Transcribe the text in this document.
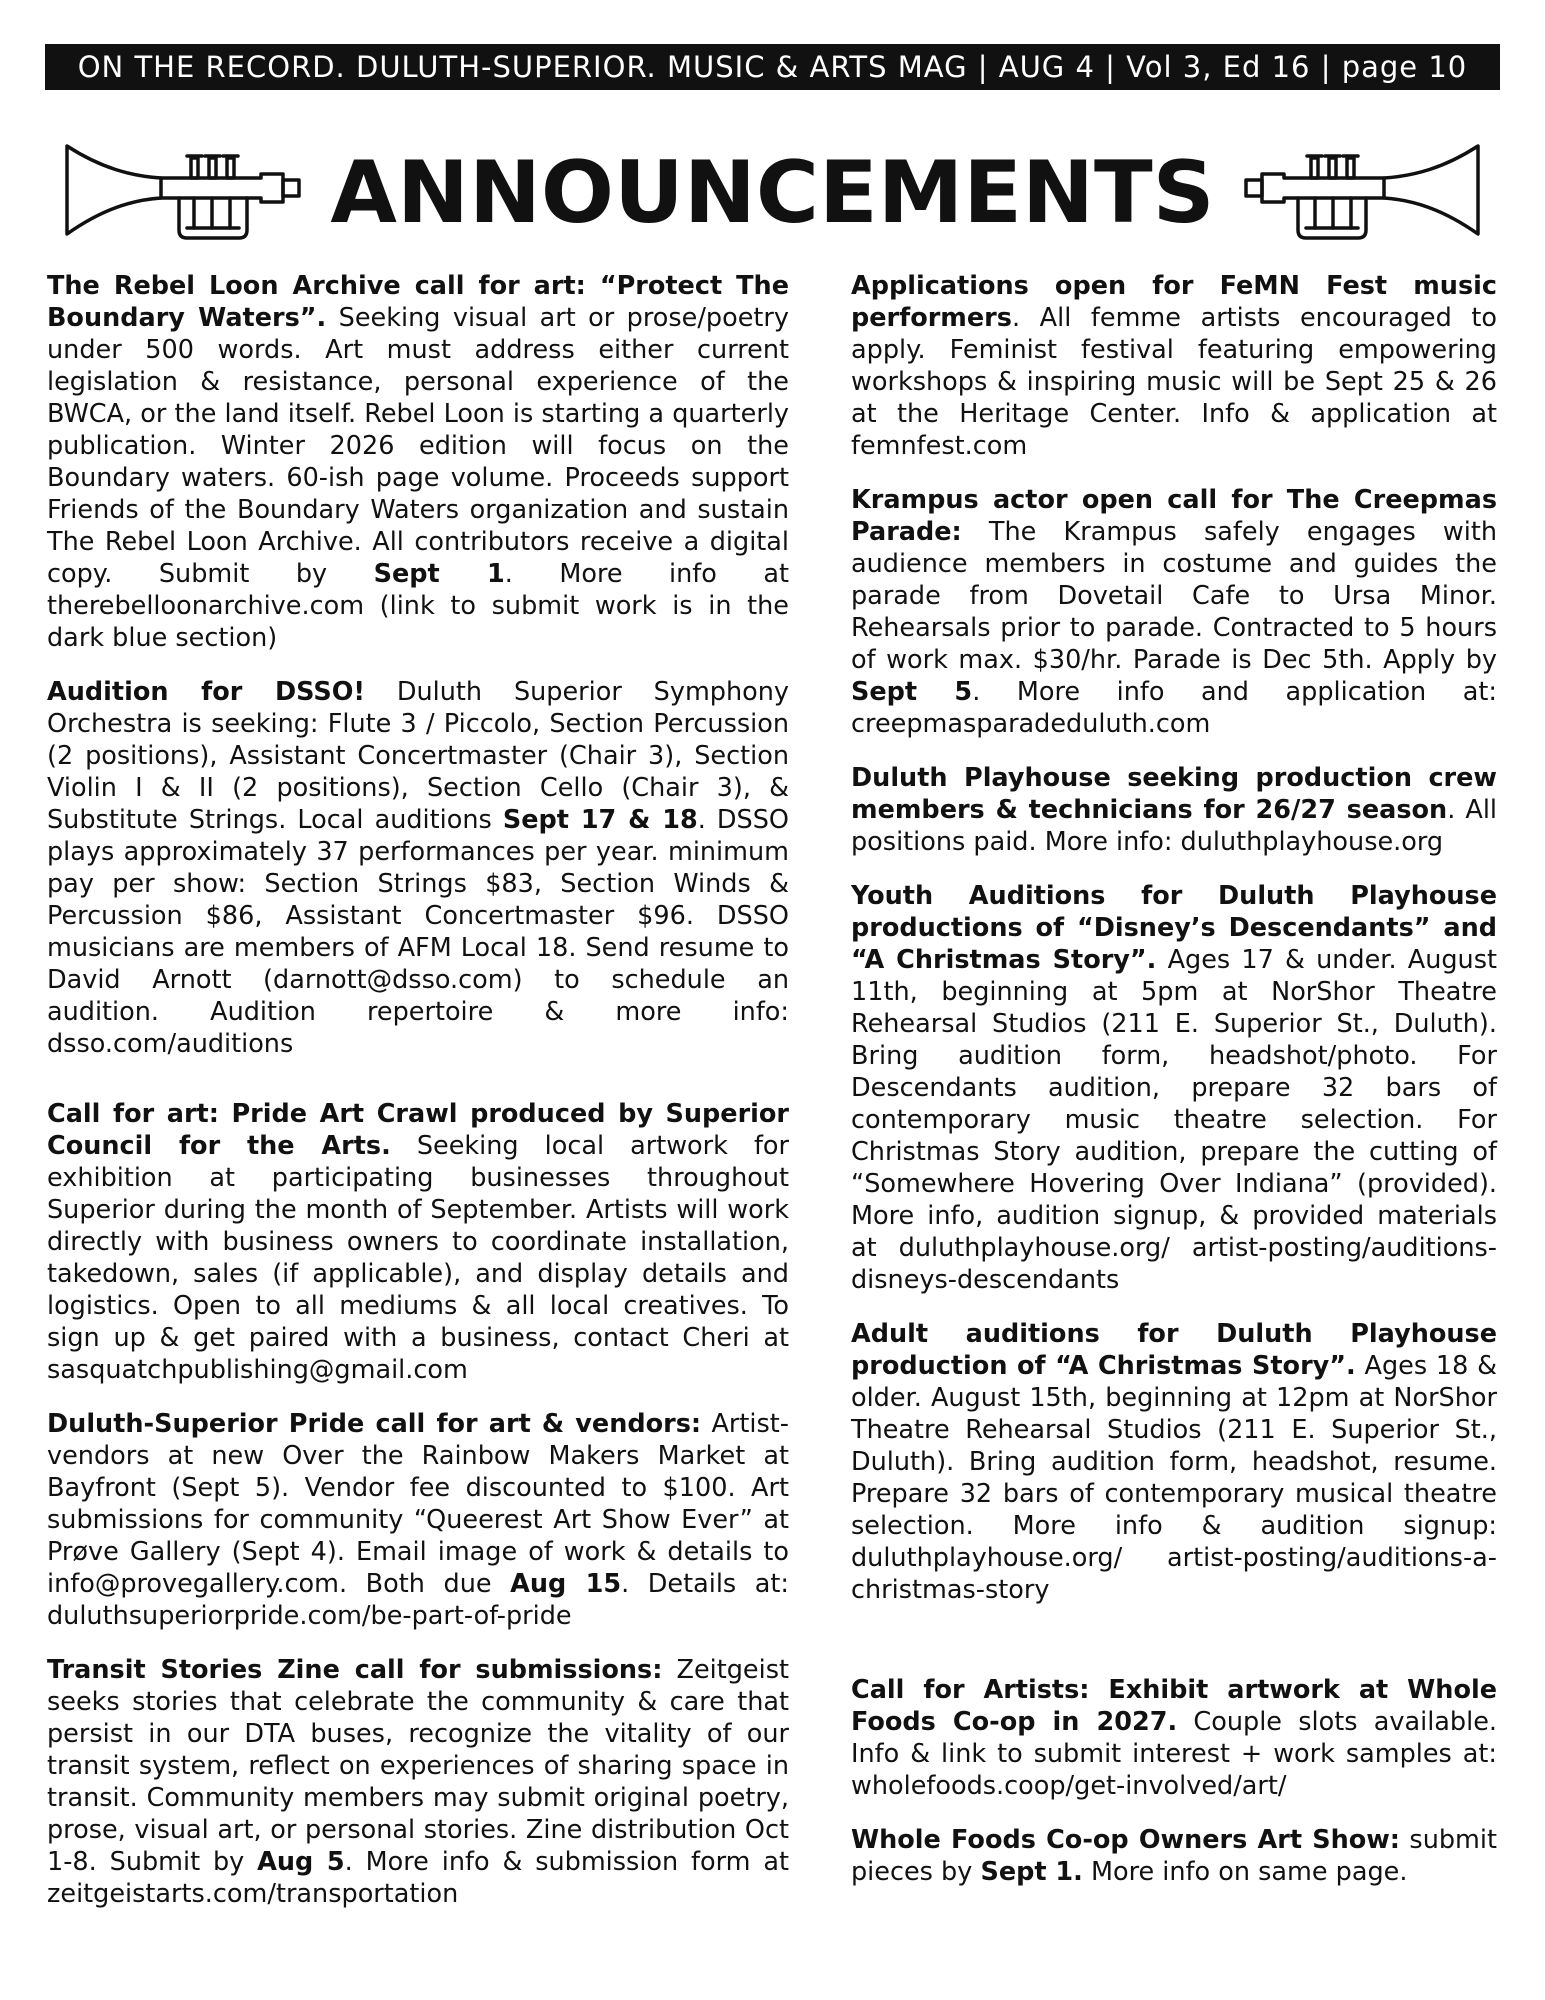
ON THE RECORD. DULUTH-SUPERIOR. MUSIC & ARTS MAG | AUG 4 | Vol 3, Ed 16 | page 10
ANNOUNCEMENTS

The Rebel Loon Archive call for art: “Protect The Boundary Waters”. Seeking visual art or prose/poetry under 500 words. Art must address either current legislation & resistance, personal experience of the BWCA, or the land itself. Rebel Loon is starting a quarterly publication. Winter 2026 edition will focus on the Boundary waters. 60-ish page volume. Proceeds support Friends of the Boundary Waters organization and sustain The Rebel Loon Archive. All contributors receive a digital copy. Submit by Sept 1. More info at therebelloonarchive.com (link to submit work is in the dark blue section)

Audition for DSSO! Duluth Superior Symphony Orchestra is seeking: Flute 3 / Piccolo, Section Percussion (2 positions), Assistant Concertmaster (Chair 3), Section Violin I & II (2 positions), Section Cello (Chair 3), & Substitute Strings. Local auditions Sept 17 & 18. DSSO plays approximately 37 performances per year. minimum pay per show: Section Strings $83, Section Winds & Percussion $86, Assistant Concertmaster $96. DSSO musicians are members of AFM Local 18. Send resume to David Arnott (darnott@dsso.com) to schedule an audition. Audition repertoire & more info: dsso.com/auditions

Call for art: Pride Art Crawl produced by Superior Council for the Arts. Seeking local artwork for exhibition at participating businesses throughout Superior during the month of September. Artists will work directly with business owners to coordinate installation, takedown, sales (if applicable), and display details and logistics. Open to all mediums & all local creatives. To sign up & get paired with a business, contact Cheri at sasquatchpublishing@gmail.com

Duluth-Superior Pride call for art & vendors: Artist-vendors at new Over the Rainbow Makers Market at Bayfront (Sept 5). Vendor fee discounted to $100. Art submissions for community “Queerest Art Show Ever” at Prøve Gallery (Sept 4). Email image of work & details to info@provegallery.com. Both due Aug 15. Details at: duluthsuperiorpride.com/be-part-of-pride

Transit Stories Zine call for submissions: Zeitgeist seeks stories that celebrate the community & care that persist in our DTA buses, recognize the vitality of our transit system, reflect on experiences of sharing space in transit. Community members may submit original poetry, prose, visual art, or personal stories. Zine distribution Oct 1-8. Submit by Aug 5. More info & submission form at zeitgeistarts.com/transportation

Applications open for FeMN Fest music performers. All femme artists encouraged to apply. Feminist festival featuring empowering workshops & inspiring music will be Sept 25 & 26 at the Heritage Center. Info & application at femnfest.com

Krampus actor open call for The Creepmas Parade: The Krampus safely engages with audience members in costume and guides the parade from Dovetail Cafe to Ursa Minor. Rehearsals prior to parade. Contracted to 5 hours of work max. $30/hr. Parade is Dec 5th. Apply by Sept 5. More info and application at: creepmasparadeduluth.com

Duluth Playhouse seeking production crew members & technicians for 26/27 season. All positions paid. More info: duluthplayhouse.org

Youth Auditions for Duluth Playhouse productions of “Disney’s Descendants” and “A Christmas Story”. Ages 17 & under. August 11th, beginning at 5pm at NorShor Theatre Rehearsal Studios (211 E. Superior St., Duluth). Bring audition form, headshot/photo. For Descendants audition, prepare 32 bars of contemporary music theatre selection. For Christmas Story audition, prepare the cutting of “Somewhere Hovering Over Indiana” (provided). More info, audition signup, & provided materials at duluthplayhouse.org/ artist-posting/auditions-disneys-descendants

Adult auditions for Duluth Playhouse production of “A Christmas Story”. Ages 18 & older. August 15th, beginning at 12pm at NorShor Theatre Rehearsal Studios (211 E. Superior St., Duluth). Bring audition form, headshot, resume. Prepare 32 bars of contemporary musical theatre selection. More info & audition signup: duluthplayhouse.org/ artist-posting/auditions-a-christmas-story

Call for Artists: Exhibit artwork at Whole Foods Co-op in 2027. Couple slots available. Info & link to submit interest + work samples at: wholefoods.coop/get-involved/art/

Whole Foods Co-op Owners Art Show: submit pieces by Sept 1. More info on same page.
